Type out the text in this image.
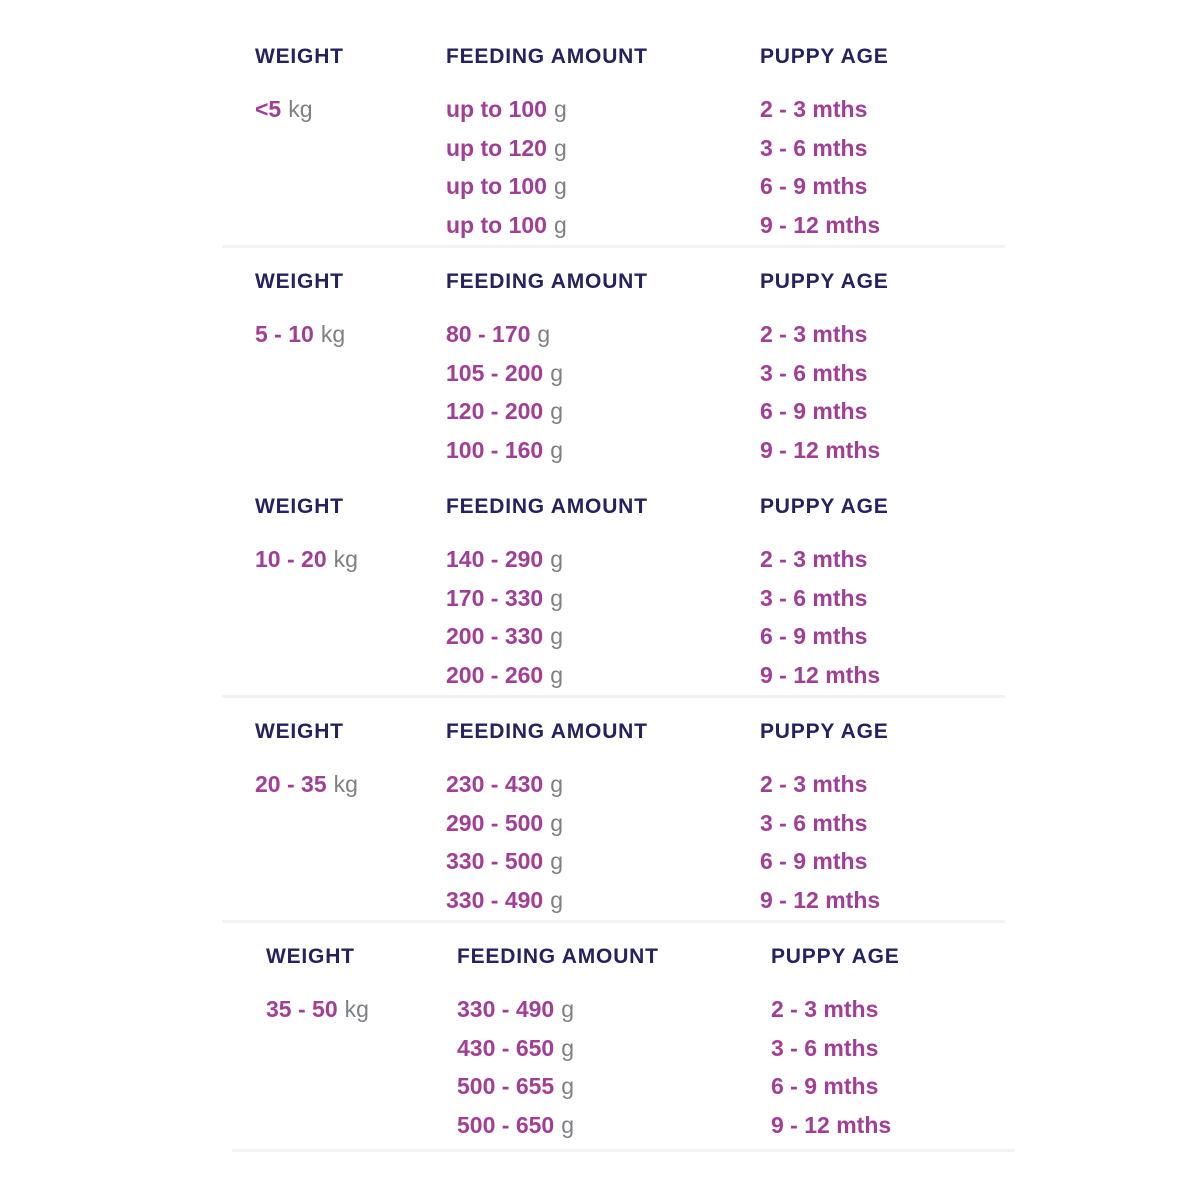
WEIGHT
<5 kg
FEEDING AMOUNT
up to 100 g
up to 120 g
up to 100 g
up to 100 g
PUPPY AGE
2 - 3 mths
3 - 6 mths
6 - 9 mths
9 - 12 mths
WEIGHT
5 - 10 kg
FEEDING AMOUNT
80 - 170 g
105 - 200 g
120 - 200 g
100 - 160 g
PUPPY AGE
2 - 3 mths
3 - 6 mths
6 - 9 mths
9 - 12 mths
WEIGHT
10 - 20 kg
FEEDING AMOUNT
140 - 290 g
170 - 330 g
200 - 330 g
200 - 260 g
PUPPY AGE
2 - 3 mths
3 - 6 mths
6 - 9 mths
9 - 12 mths
WEIGHT
20 - 35 kg
FEEDING AMOUNT
230 - 430 g
290 - 500 g
330 - 500 g
330 - 490 g
PUPPY AGE
2 - 3 mths
3 - 6 mths
6 - 9 mths
9 - 12 mths
WEIGHT
35 - 50 kg
FEEDING AMOUNT
330 - 490 g
430 - 650 g
500 - 655 g
500 - 650 g
PUPPY AGE
2 - 3 mths
3 - 6 mths
6 - 9 mths
9 - 12 mths
